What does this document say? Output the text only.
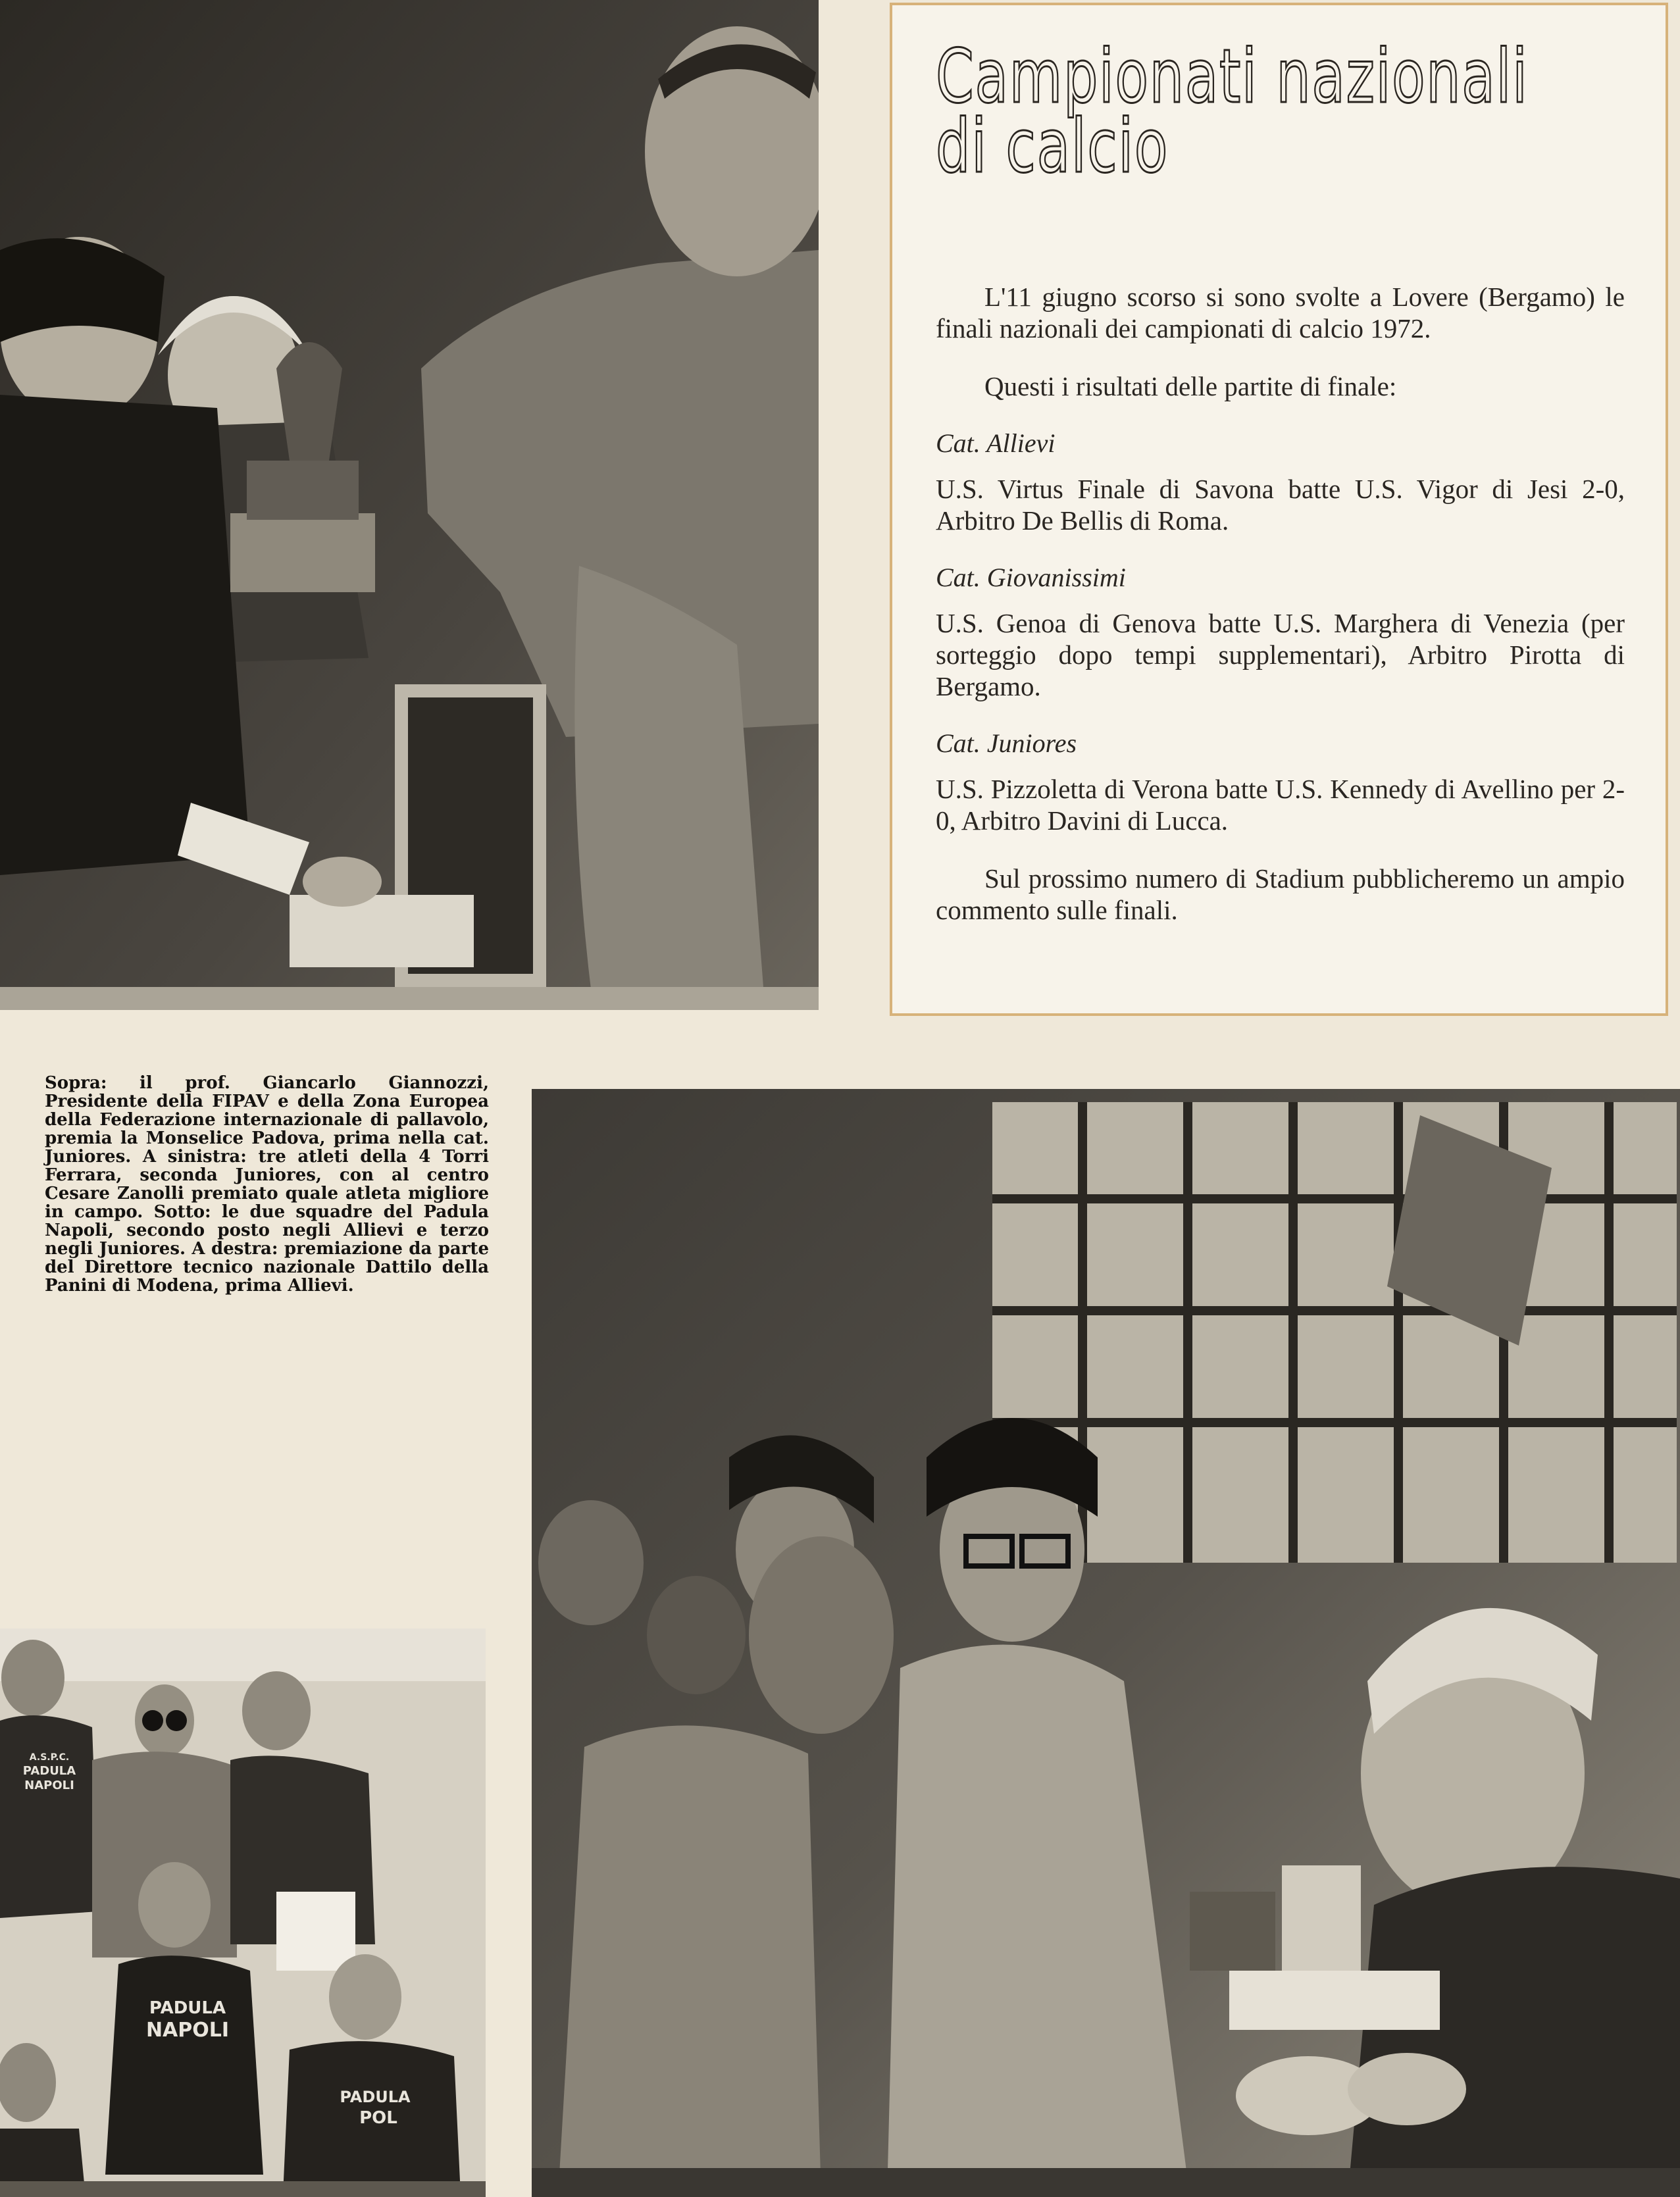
Campionati nazionali di calcio

L'11 giugno scorso si sono svolte a Lovere (Bergamo) le finali nazionali dei campionati di calcio 1972.

Questi i risultati delle partite di finale:

Cat. Allievi

U.S. Virtus Finale di Savona batte U.S. Vigor di Jesi 2-0, Arbitro De Bellis di Roma.

Cat. Giovanissimi

U.S. Genoa di Genova batte U.S. Marghera di Venezia (per sorteggio dopo tempi supplementari), Arbitro Pirotta di Bergamo.

Cat. Juniores

U.S. Pizzoletta di Verona batte U.S. Kennedy di Avellino per 2-0, Arbitro Davini di Lucca.

Sul prossimo numero di Stadium pubblicheremo un ampio commento sulle finali.

Sopra: il prof. Giancarlo Giannozzi, Presidente della FIPAV e della Zona Europea della Federazione internazionale di pallavolo, premia la Monselice Padova, prima nella cat. Juniores. A sinistra: tre atleti della 4 Torri Ferrara, seconda Juniores, con al centro Cesare Zanolli premiato quale atleta migliore in campo. Sotto: le due squadre del Padula Napoli, secondo posto negli Allievi e terzo negli Juniores. A destra: premiazione da parte del Direttore tecnico nazionale Dattilo della Panini di Modena, prima Allievi.

A.S.P.C.
PADULA
NAPOLI
PADULA
NAPOLI
PADULA
POL
